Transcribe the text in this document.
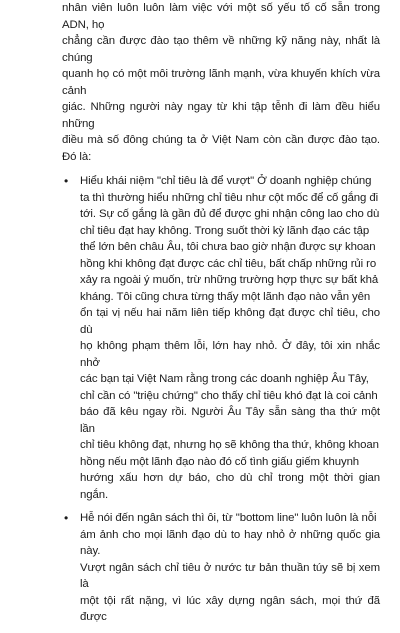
nhân viên luôn luôn làm việc với một số yếu tố cố sẵn trong ADN, họ
chẳng cần được đào tạo thêm về những kỹ năng này, nhất là chúng
quanh họ có một môi trường lãnh mạnh, vừa khuyến khích vừa cảnh
giác. Những người này ngay từ khi tập tễnh đi làm đều hiểu những
điều mà số đông chúng ta ở Việt Nam còn cần được đào tạo. Đó là:

• Hiểu khái niệm "chỉ tiêu là để vượt" Ở doanh nghiệp chúng
ta thì thường hiểu những chỉ tiêu như cột mốc để cố gắng đi
tới. Sự cố gắng là gần đủ để được ghi nhận công lao cho dù
chỉ tiêu đạt hay không. Trong suốt thời kỳ lãnh đạo các tập
thể lớn bên châu Âu, tôi chưa bao giờ nhận được sự khoan
hồng khi không đạt được các chỉ tiêu, bất chấp những rủi ro
xảy ra ngoài ý muốn, trừ những trường hợp thực sự bất khả
kháng. Tôi cũng chưa từng thấy một lãnh đạo nào vẫn yên
ổn tại vị nếu hai năm liên tiếp không đạt được chỉ tiêu, cho dù
họ không phạm thêm lỗi, lớn hay nhỏ. Ở đây, tôi xin nhắc nhở
các bạn tại Việt Nam rằng trong các doanh nghiệp Âu Tây,
chỉ cần có "triệu chứng" cho thấy chỉ tiêu khó đạt là coi cảnh
báo đã kêu ngay rồi. Người Âu Tây sẵn sàng tha thứ một lần
chỉ tiêu không đạt, nhưng họ sẽ không tha thứ, không khoan
hồng nếu một lãnh đạo nào đó cố tình giấu giếm khuynh
hướng xấu hơn dự báo, cho dù chỉ trong một thời gian ngắn.
• Hễ nói đến ngân sách thì ôi, từ "bottom line" luôn luôn là nỗi
ám ảnh cho mọi lãnh đạo dù to hay nhỏ ở những quốc gia này.
Vượt ngân sách chỉ tiêu ở nước tư bản thuần túy sẽ bị xem là
một tội rất nặng, vì lúc xây dựng ngân sách, mọi thứ đã được
